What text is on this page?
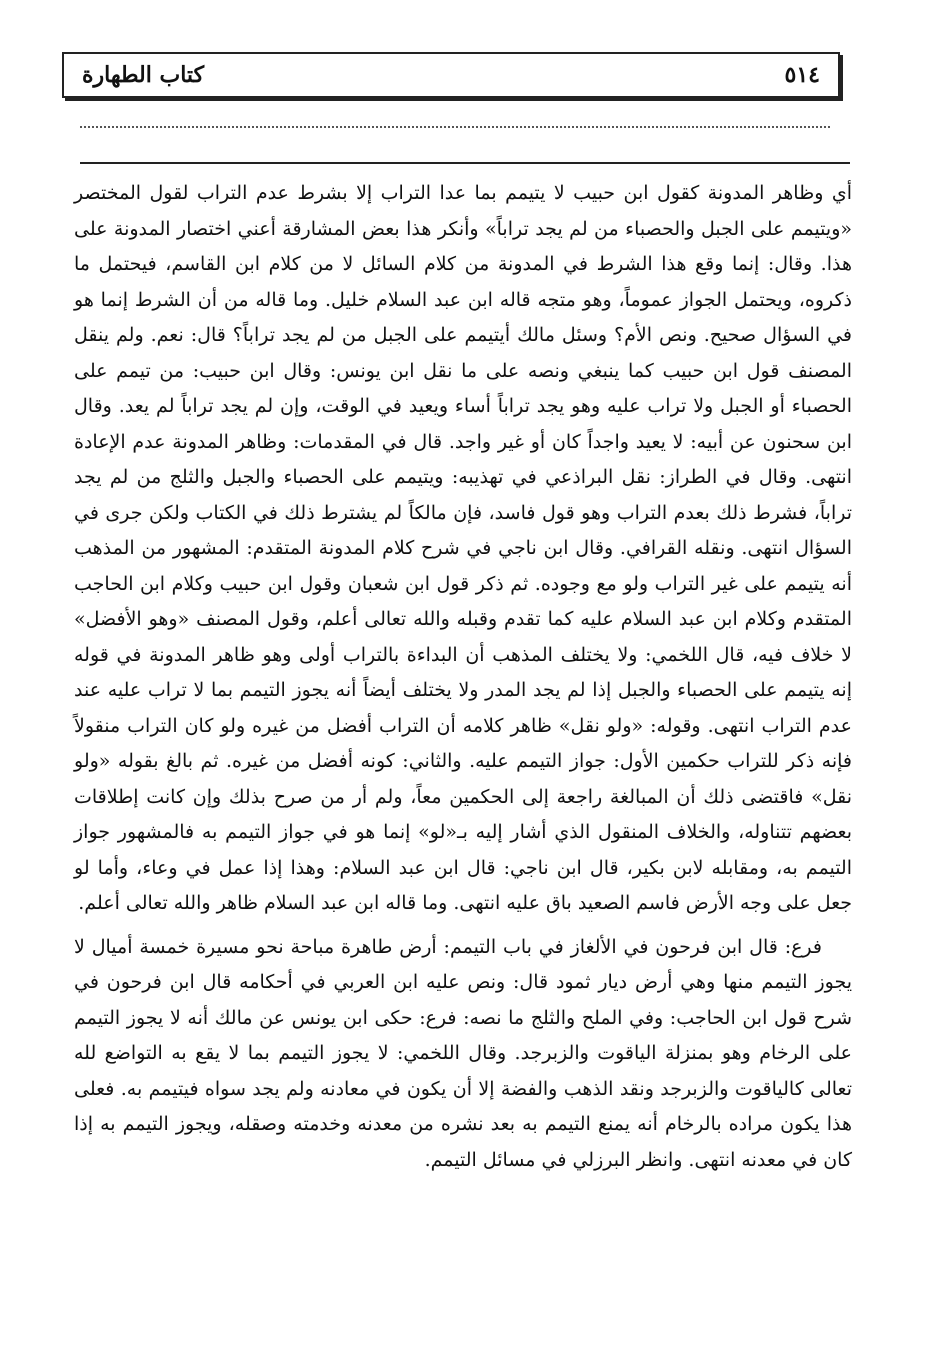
٥١٤
كتاب الطهارة

أي وظاهر المدونة كقول ابن حبيب لا يتيمم بما عدا التراب إلا بشرط عدم التراب لقول المختصر «ويتيمم على الجبل والحصباء من لم يجد تراباً» وأنكر هذا بعض المشارقة أعني اختصار المدونة على هذا. وقال: إنما وقع هذا الشرط في المدونة من كلام السائل لا من كلام ابن القاسم، فيحتمل ما ذكروه، ويحتمل الجواز عموماً، وهو متجه قاله ابن عبد السلام خليل. وما قاله من أن الشرط إنما هو في السؤال صحيح. ونص الأم؟ وسئل مالك أيتيمم على الجبل من لم يجد تراباً؟ قال: نعم. ولم ينقل المصنف قول ابن حبيب كما ينبغي ونصه على ما نقل ابن يونس: وقال ابن حبيب: من تيمم على الحصباء أو الجبل ولا تراب عليه وهو يجد تراباً أساء ويعيد في الوقت، وإن لم يجد تراباً لم يعد. وقال ابن سحنون عن أبيه: لا يعيد واجداً كان أو غير واجد. قال في المقدمات: وظاهر المدونة عدم الإعادة انتهى. وقال في الطراز: نقل البراذعي في تهذيبه: ويتيمم على الحصباء والجبل والثلج من لم يجد تراباً، فشرط ذلك بعدم التراب وهو قول فاسد، فإن مالكاً لم يشترط ذلك في الكتاب ولكن جرى في السؤال انتهى. ونقله القرافي. وقال ابن ناجي في شرح كلام المدونة المتقدم: المشهور من المذهب أنه يتيمم على غير التراب ولو مع وجوده. ثم ذكر قول ابن شعبان وقول ابن حبيب وكلام ابن الحاجب المتقدم وكلام ابن عبد السلام عليه كما تقدم وقبله والله تعالى أعلم، وقول المصنف «وهو الأفضل» لا خلاف فيه، قال اللخمي: ولا يختلف المذهب أن البداءة بالتراب أولى وهو ظاهر المدونة في قوله إنه يتيمم على الحصباء والجبل إذا لم يجد المدر ولا يختلف أيضاً أنه يجوز التيمم بما لا تراب عليه عند عدم التراب انتهى. وقوله: «ولو نقل» ظاهر كلامه أن التراب أفضل من غيره ولو كان التراب منقولاً فإنه ذكر للتراب حكمين الأول: جواز التيمم عليه. والثاني: كونه أفضل من غيره. ثم بالغ بقوله «ولو نقل» فاقتضى ذلك أن المبالغة راجعة إلى الحكمين معاً، ولم أر من صرح بذلك وإن كانت إطلاقات بعضهم تتناوله، والخلاف المنقول الذي أشار إليه بـ«لو» إنما هو في جواز التيمم به فالمشهور جواز التيمم به، ومقابله لابن بكير، قال ابن ناجي: قال ابن عبد السلام: وهذا إذا عمل في وعاء، وأما لو جعل على وجه الأرض فاسم الصعيد باق عليه انتهى. وما قاله ابن عبد السلام ظاهر والله تعالى أعلم.

فرع: قال ابن فرحون في الألغاز في باب التيمم: أرض طاهرة مباحة نحو مسيرة خمسة أميال لا يجوز التيمم منها وهي أرض ديار ثمود قال: ونص عليه ابن العربي في أحكامه قال ابن فرحون في شرح قول ابن الحاجب: وفي الملح والثلج ما نصه: فرع: حكى ابن يونس عن مالك أنه لا يجوز التيمم على الرخام وهو بمنزلة الياقوت والزبرجد. وقال اللخمي: لا يجوز التيمم بما لا يقع به التواضع لله تعالى كالياقوت والزبرجد ونقد الذهب والفضة إلا أن يكون في معادنه ولم يجد سواه فيتيمم به. فعلى هذا يكون مراده بالرخام أنه يمنع التيمم به بعد نشره من معدنه وخدمته وصقله، ويجوز التيمم به إذا كان في معدنه انتهى. وانظر البرزلي في مسائل التيمم.
